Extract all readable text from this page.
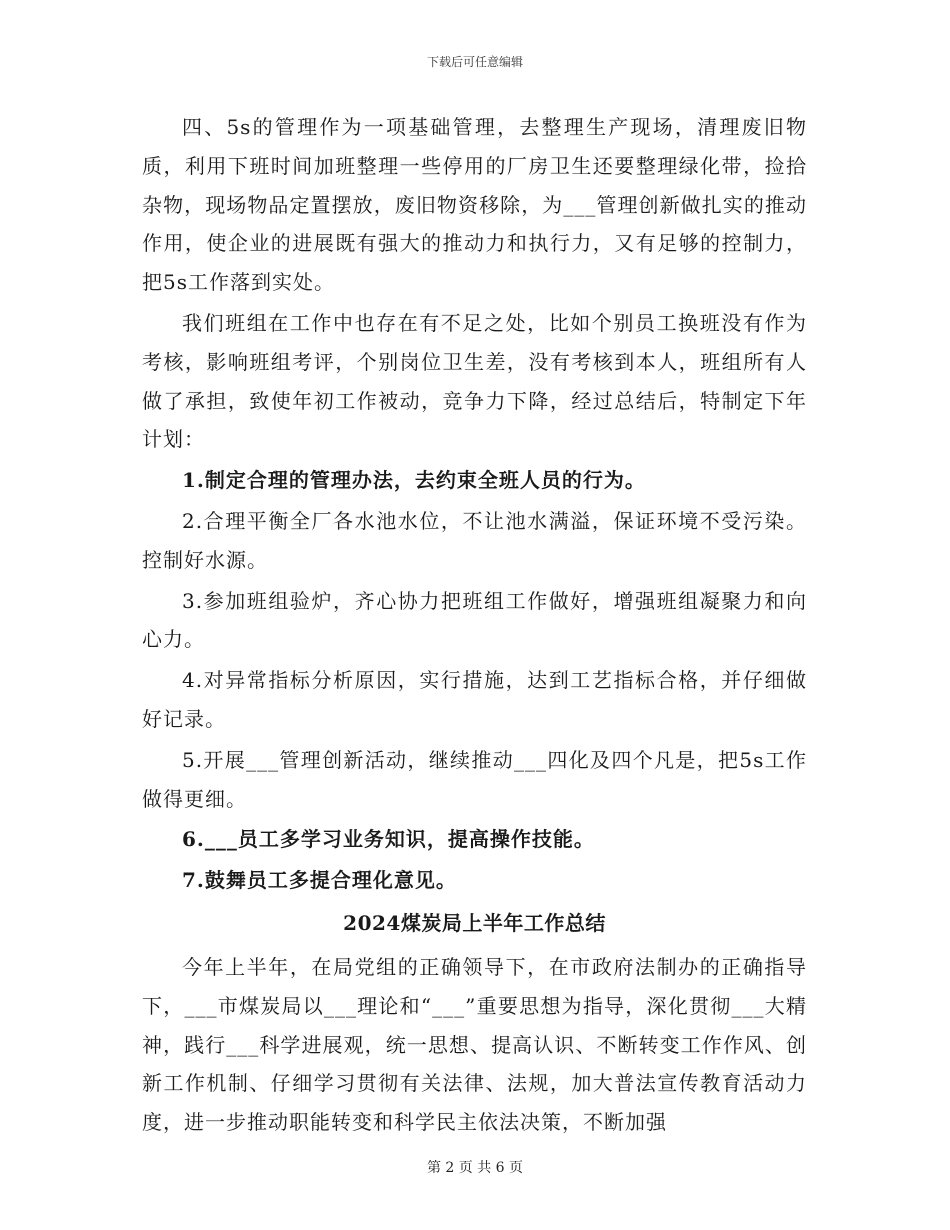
下载后可任意编辑

四、5s的管理作为一项基础管理，去整理生产现场，清理废旧物质，利用下班时间加班整理一些停用的厂房卫生还要整理绿化带，捡拾杂物，现场物品定置摆放，废旧物资移除，为___管理创新做扎实的推动作用，使企业的进展既有强大的推动力和执行力，又有足够的控制力，把5s工作落到实处。

我们班组在工作中也存在有不足之处，比如个别员工换班没有作为考核，影响班组考评，个别岗位卫生差，没有考核到本人，班组所有人做了承担，致使年初工作被动，竞争力下降，经过总结后，特制定下年计划：

1.制定合理的管理办法，去约束全班人员的行为。

2.合理平衡全厂各水池水位，不让池水满溢，保证环境不受污染。控制好水源。

3.参加班组验炉，齐心协力把班组工作做好，增强班组凝聚力和向心力。

4.对异常指标分析原因，实行措施，达到工艺指标合格，并仔细做好记录。

5.开展___管理创新活动，继续推动___四化及四个凡是，把5s工作做得更细。

6.___员工多学习业务知识，提高操作技能。

7.鼓舞员工多提合理化意见。

2024煤炭局上半年工作总结

今年上半年，在局党组的正确领导下，在市政府法制办的正确指导下，___市煤炭局以___理论和“___”重要思想为指导，深化贯彻___大精神，践行___科学进展观，统一思想、提高认识、不断转变工作作风、创新工作机制、仔细学习贯彻有关法律、法规，加大普法宣传教育活动力度，进一步推动职能转变和科学民主依法决策，不断加强

第 2 页 共 6 页
